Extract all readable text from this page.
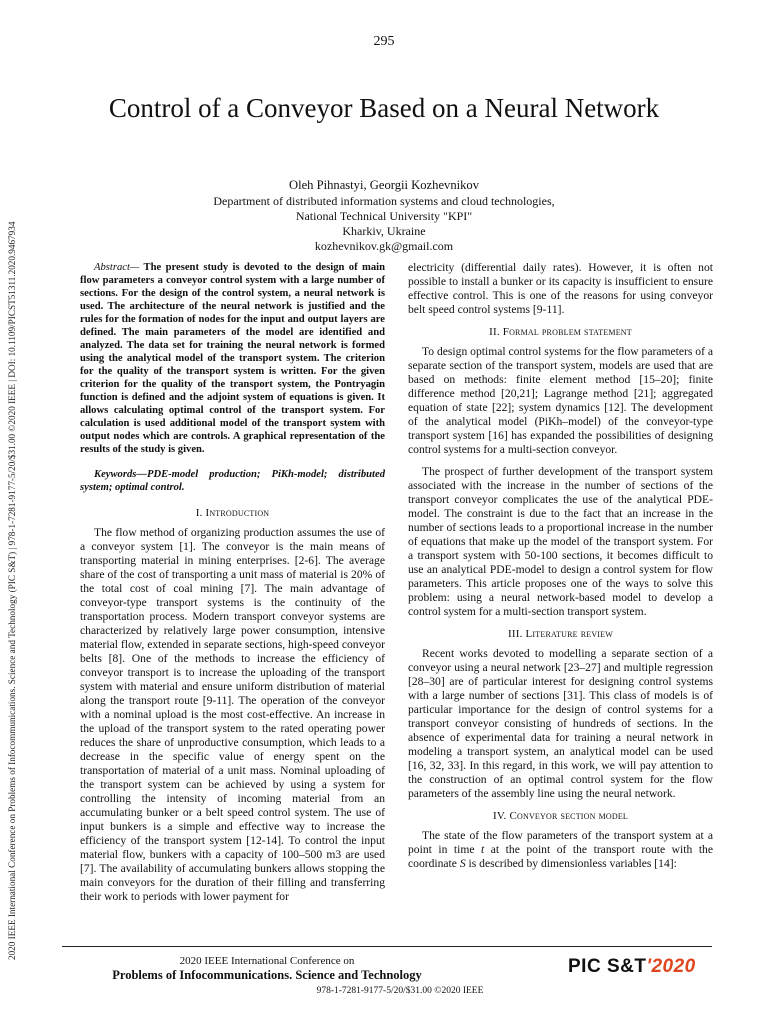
295
2020 IEEE International Conference on Problems of Infocommunications. Science and Technology (PIC S&T) | 978-1-7281-9177-5/20/$31.00 ©2020 IEEE | DOI: 10.1109/PICST51311.2020.9467934
Control of a Conveyor Based on a Neural Network
Oleh Pihnastyi, Georgii Kozhevnikov
Department of distributed information systems and cloud technologies,
National Technical University "KPI"
Kharkiv, Ukraine
kozhevnikov.gk@gmail.com

Abstract— The present study is devoted to the design of main flow parameters a conveyor control system with a large number of sections. For the design of the control system, a neural network is used. The architecture of the neural network is justified and the rules for the formation of nodes for the input and output layers are defined. The main parameters of the model are identified and analyzed. The data set for training the neural network is formed using the analytical model of the transport system. The criterion for the quality of the transport system is written. For the given criterion for the quality of the transport system, the Pontryagin function is defined and the adjoint system of equations is given. It allows calculating optimal control of the transport system. For calculation is used additional model of the transport system with output nodes which are controls. A graphical representation of the results of the study is given.

Keywords—PDE-model production; PiKh-model; distributed system; optimal control.

I. Introduction

The flow method of organizing production assumes the use of a conveyor system [1]. The conveyor is the main means of transporting material in mining enterprises. [2-6]. The average share of the cost of transporting a unit mass of material is 20% of the total cost of coal mining [7]. The main advantage of conveyor-type transport systems is the continuity of the transportation process. Modern transport conveyor systems are characterized by relatively large power consumption, intensive material flow, extended in separate sections, high-speed conveyor belts [8]. One of the methods to increase the efficiency of conveyor transport is to increase the uploading of the transport system with material and ensure uniform distribution of material along the transport route [9-11]. The operation of the conveyor with a nominal upload is the most cost-effective. An increase in the upload of the transport system to the rated operating power reduces the share of unproductive consumption, which leads to a decrease in the specific value of energy spent on the transportation of material of a unit mass. Nominal uploading of the transport system can be achieved by using a system for controlling the intensity of incoming material from an accumulating bunker or a belt speed control system. The use of input bunkers is a simple and effective way to increase the efficiency of the transport system [12-14]. To control the input material flow, bunkers with a capacity of 100–500 m3 are used [7]. The availability of accumulating bunkers allows stopping the main conveyors for the duration of their filling and transferring their work to periods with lower payment for

electricity (differential daily rates). However, it is often not possible to install a bunker or its capacity is insufficient to ensure effective control. This is one of the reasons for using conveyor belt speed control systems [9-11].

II. Formal problem statement

To design optimal control systems for the flow parameters of a separate section of the transport system, models are used that are based on methods: finite element method [15–20]; finite difference method [20,21]; Lagrange method [21]; aggregated equation of state [22]; system dynamics [12]. The development of the analytical model (PiKh–model) of the conveyor-type transport system [16] has expanded the possibilities of designing control systems for a multi-section conveyor.

The prospect of further development of the transport system associated with the increase in the number of sections of the transport conveyor complicates the use of the analytical PDE-model. The constraint is due to the fact that an increase in the number of sections leads to a proportional increase in the number of equations that make up the model of the transport system. For a transport system with 50-100 sections, it becomes difficult to use an analytical PDE-model to design a control system for flow parameters. This article proposes one of the ways to solve this problem: using a neural network-based model to develop a control system for a multi-section transport system.

III. Literature review

Recent works devoted to modelling a separate section of a conveyor using a neural network [23–27] and multiple regression [28–30] are of particular interest for designing control systems with a large number of sections [31]. This class of models is of particular importance for the design of control systems for a transport conveyor consisting of hundreds of sections. In the absence of experimental data for training a neural network in modeling a transport system, an analytical model can be used [16, 32, 33]. In this regard, in this work, we will pay attention to the construction of an optimal control system for the flow parameters of the assembly line using the neural network.

IV. Conveyor section model

The state of the flow parameters of the transport system at a point in time t at the point of the transport route with the coordinate S is described by dimensionless variables [14]:

2020 IEEE International Conference on
Problems of Infocommunications. Science and Technology
978-1-7281-9177-5/20/$31.00 ©2020 IEEE
PIC S&T'2020
